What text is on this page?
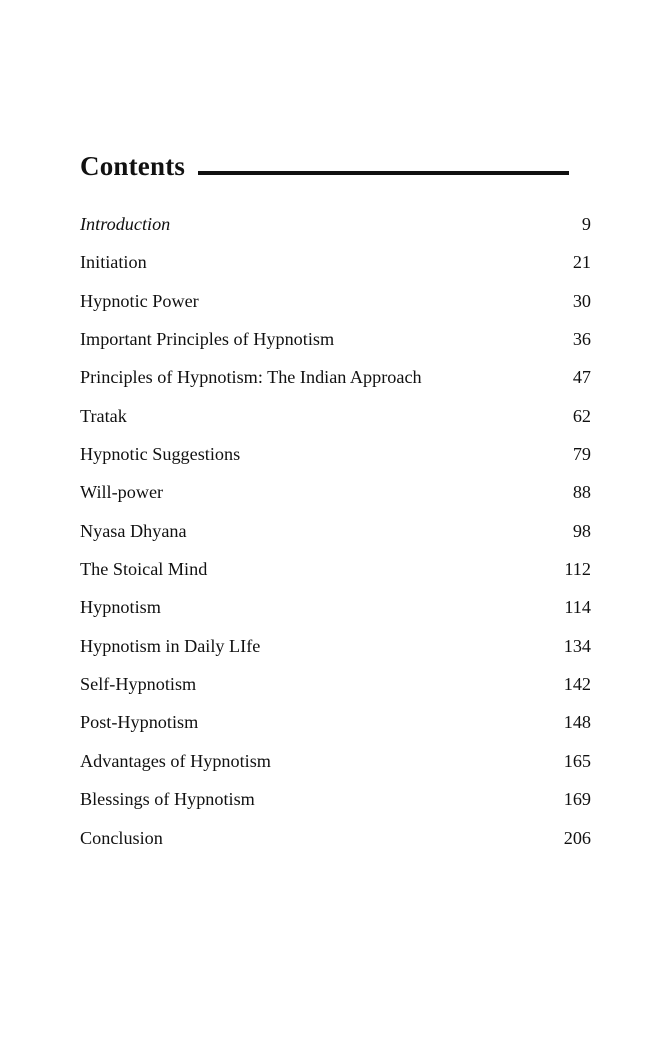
Contents
Introduction	9
Initiation	21
Hypnotic Power	30
Important Principles of Hypnotism	36
Principles of Hypnotism: The Indian Approach	47
Tratak	62
Hypnotic Suggestions	79
Will-power	88
Nyasa Dhyana	98
The Stoical Mind	112
Hypnotism	114
Hypnotism in Daily LIfe	134
Self-Hypnotism	142
Post-Hypnotism	148
Advantages of Hypnotism	165
Blessings of Hypnotism	169
Conclusion	206
